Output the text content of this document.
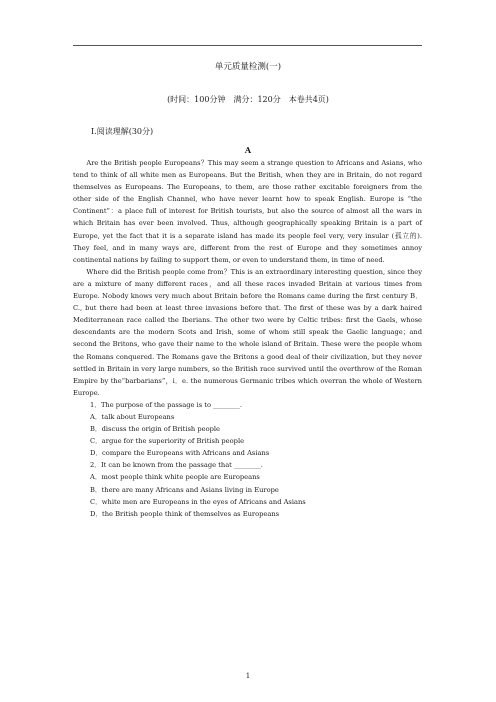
单元质量检测(一)
(时间：100分钟　满分：120分　本卷共4页)
Ⅰ.阅读理解(30分)
A

Are the British people Europeans？This may seem a strange question to Africans and Asians, who tend to think of all white men as Europeans. But the British, when they are in Britain, do not regard themselves as Europeans. The Europeans, to them, are those rather excitable foreigners from the other side of the English Channel, who have never learnt how to speak English. Europe is “the Continent”：a place full of interest for British tourists, but also the source of almost all the wars in which Britain has ever been involved. Thus, although geographically speaking Britain is a part of Europe, yet the fact that it is a separate island has made its people feel very, very insular (孤立的). They feel, and in many ways are, different from the rest of Europe and they sometimes annoy continental nations by failing to support them, or even to understand them, in time of need.

Where did the British people come from？This is an extraordinary interesting question, since they are a mixture of many different races，and all these races invaded Britain at various times from Europe. Nobody knows very much about Britain before the Romans came during the first century B．C., but there had been at least three invasions before that. The first of these was by a dark haired Mediterranean race called the Iberians. The other two were by Celtic tribes: first the Gaels, whose descendants are the modern Scots and Irish, some of whom still speak the Gaelic language；and second the Britons, who gave their name to the whole island of Britain. These were the people whom the Romans conquered. The Romans gave the Britons a good deal of their civilization, but they never settled in Britain in very large numbers, so the British race survived until the overthrow of the Roman Empire by the“barbarians”，i．e. the numerous Germanic tribes which overran the whole of Western Europe.

1．The purpose of the passage is to ________.

A．talk about Europeans

B．discuss the origin of British people

C．argue for the superiority of British people

D．compare the Europeans with Africans and Asians

2．It can be known from the passage that ________.

A．most people think white people are Europeans

B．there are many Africans and Asians living in Europe

C．white men are Europeans in the eyes of Africans and Asians

D．the British people think of themselves as Europeans

1
